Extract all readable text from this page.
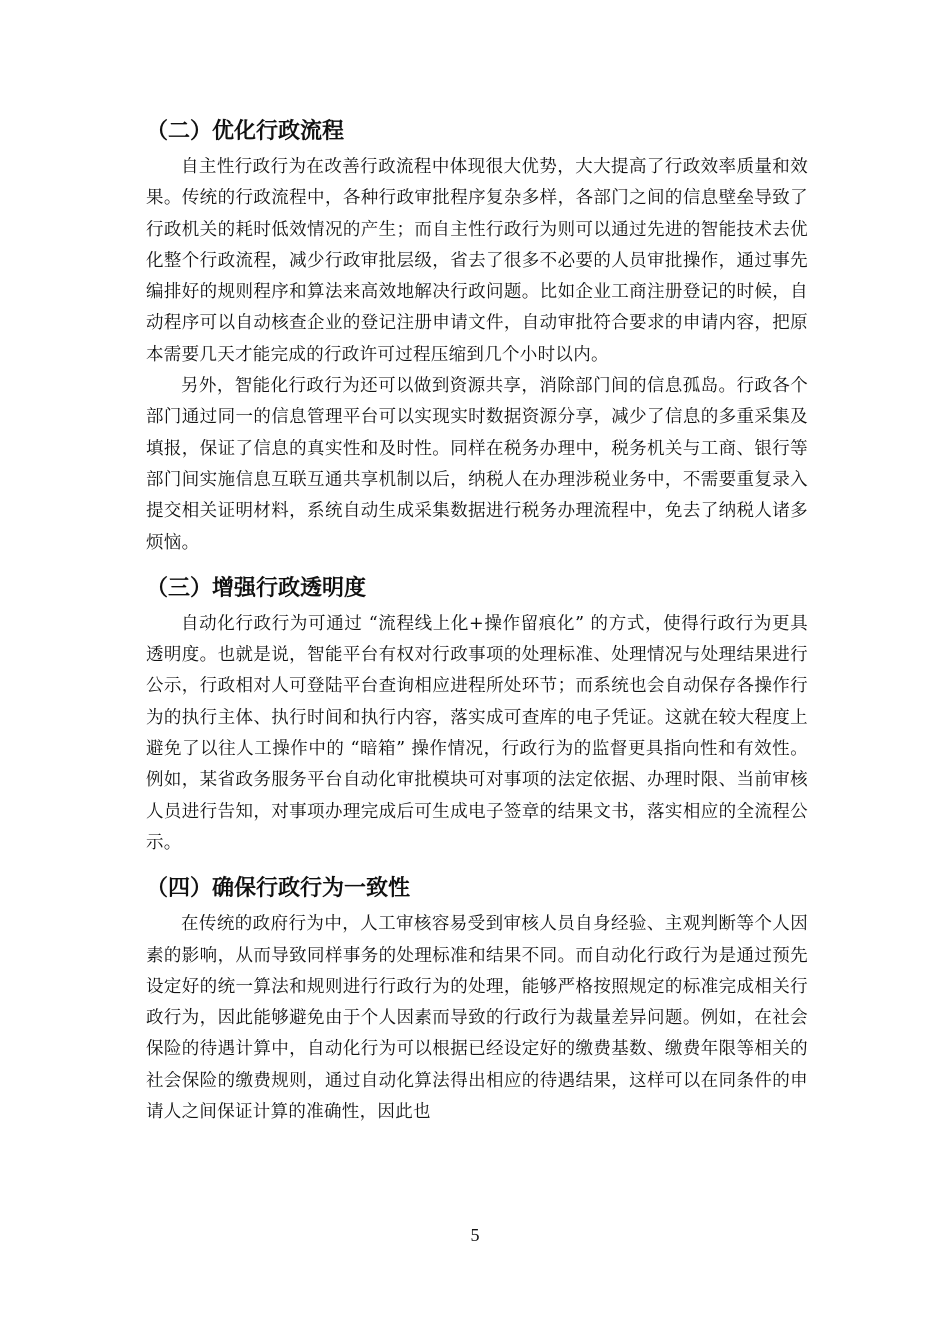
（二）优化行政流程

自主性行政行为在改善行政流程中体现很大优势，大大提高了行政效率质量和效果。传统的行政流程中，各种行政审批程序复杂多样，各部门之间的信息壁垒导致了行政机关的耗时低效情况的产生；而自主性行政行为则可以通过先进的智能技术去优化整个行政流程，减少行政审批层级，省去了很多不必要的人员审批操作，通过事先编排好的规则程序和算法来高效地解决行政问题。比如企业工商注册登记的时候，自动程序可以自动核查企业的登记注册申请文件，自动审批符合要求的申请内容，把原本需要几天才能完成的行政许可过程压缩到几个小时以内。

另外，智能化行政行为还可以做到资源共享，消除部门间的信息孤岛。行政各个部门通过同一的信息管理平台可以实现实时数据资源分享，减少了信息的多重采集及填报，保证了信息的真实性和及时性。同样在税务办理中，税务机关与工商、银行等部门间实施信息互联互通共享机制以后，纳税人在办理涉税业务中，不需要重复录入提交相关证明材料，系统自动生成采集数据进行税务办理流程中，免去了纳税人诸多烦恼。

（三）增强行政透明度

自动化行政行为可通过 “流程线上化+操作留痕化” 的方式，使得行政行为更具透明度。也就是说，智能平台有权对行政事项的处理标准、处理情况与处理结果进行公示，行政相对人可登陆平台查询相应进程所处环节；而系统也会自动保存各操作行为的执行主体、执行时间和执行内容，落实成可查库的电子凭证。这就在较大程度上避免了以往人工操作中的 “暗箱” 操作情况，行政行为的监督更具指向性和有效性。例如，某省政务服务平台自动化审批模块可对事项的法定依据、办理时限、当前审核人员进行告知，对事项办理完成后可生成电子签章的结果文书，落实相应的全流程公示。

（四）确保行政行为一致性

在传统的政府行为中，人工审核容易受到审核人员自身经验、主观判断等个人因素的影响，从而导致同样事务的处理标准和结果不同。而自动化行政行为是通过预先设定好的统一算法和规则进行行政行为的处理，能够严格按照规定的标准完成相关行政行为，因此能够避免由于个人因素而导致的行政行为裁量差异问题。例如，在社会保险的待遇计算中，自动化行为可以根据已经设定好的缴费基数、缴费年限等相关的社会保险的缴费规则，通过自动化算法得出相应的待遇结果，这样可以在同条件的申请人之间保证计算的准确性，因此也

5
